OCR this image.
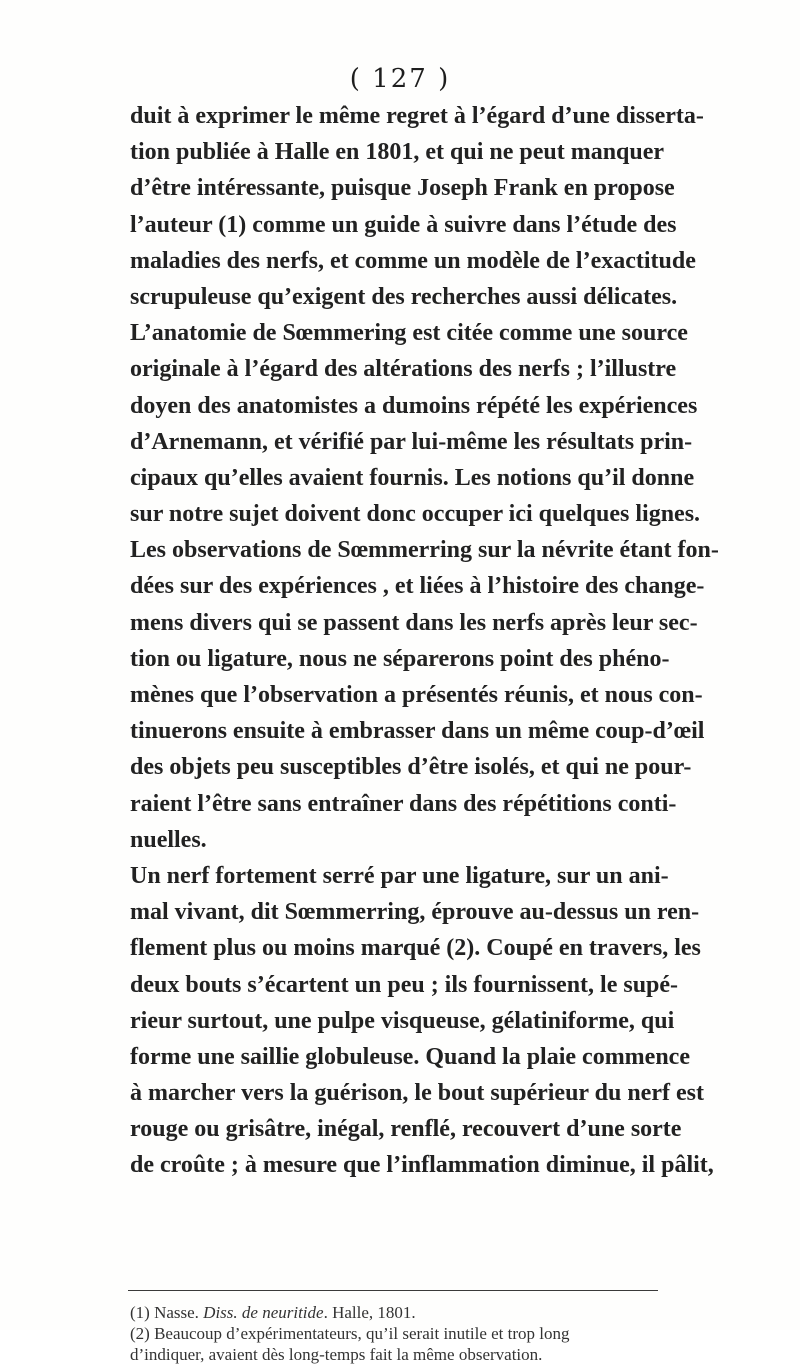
( 127 )
duit à exprimer le même regret à l’égard d’une disserta-
tion publiée à Halle en 1801, et qui ne peut manquer
d’être intéressante, puisque Joseph Frank en propose
l’auteur (1) comme un guide à suivre dans l’étude des
maladies des nerfs, et comme un modèle de l’exactitude
scrupuleuse qu’exigent des recherches aussi délicates.
L’anatomie de Sœmmering est citée comme une source
originale à l’égard des altérations des nerfs ; l’illustre
doyen des anatomistes a dumoins répété les expériences
d’Arnemann, et vérifié par lui-même les résultats prin-
cipaux qu’elles avaient fournis. Les notions qu’il donne
sur notre sujet doivent donc occuper ici quelques lignes.
Les observations de Sœmmerring sur la névrite étant fon-
dées sur des expériences , et liées à l’histoire des change-
mens divers qui se passent dans les nerfs après leur sec-
tion ou ligature, nous ne séparerons point des phéno-
mènes que l’observation a présentés réunis, et nous con-
tinuerons ensuite à embrasser dans un même coup-d’œil
des objets peu susceptibles d’être isolés, et qui ne pour-
raient l’être sans entraîner dans des répétitions conti-
nuelles.
Un nerf fortement serré par une ligature, sur un ani-
mal vivant, dit Sœmmerring, éprouve au-dessus un ren-
flement plus ou moins marqué (2). Coupé en travers, les
deux bouts s’écartent un peu ; ils fournissent, le supé-
rieur surtout, une pulpe visqueuse, gélatiniforme, qui
forme une saillie globuleuse. Quand la plaie commence
à marcher vers la guérison, le bout supérieur du nerf est
rouge ou grisâtre, inégal, renflé, recouvert d’une sorte
de croûte ; à mesure que l’inflammation diminue, il pâlit,
(1) Nasse. Diss. de neuritide. Halle, 1801.
(2) Beaucoup d’expérimentateurs, qu’il serait inutile et trop long
d’indiquer, avaient dès long-temps fait la même observation.
